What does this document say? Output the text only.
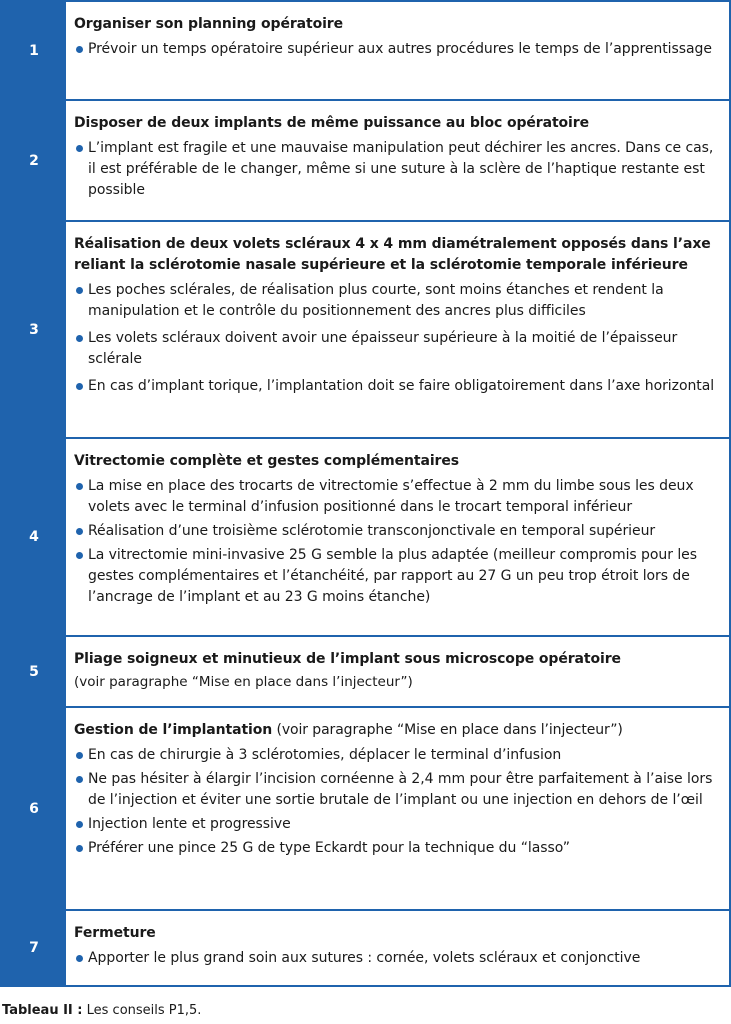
1
Organiser son planning opératoire
Prévoir un temps opératoire supérieur aux autres procédures le temps de l’apprentissage
2
Disposer de deux implants de même puissance au bloc opératoire
L’implant est fragile et une mauvaise manipulation peut déchirer les ancres. Dans ce cas, il est préférable de le changer, même si une suture à la sclère de l’haptique restante est possible
3
Réalisation de deux volets scléraux 4 x 4 mm diamétralement opposés dans l’axe reliant la sclérotomie nasale supérieure et la sclérotomie temporale inférieure
Les poches sclérales, de réalisation plus courte, sont moins étanches et rendent la manipulation et le contrôle du positionnement des ancres plus difficiles
Les volets scléraux doivent avoir une épaisseur supérieure à la moitié de l’épaisseur sclérale
En cas d’implant torique, l’implantation doit se faire obligatoirement dans l’axe horizontal
4
Vitrectomie complète et gestes complémentaires
La mise en place des trocarts de vitrectomie s’effectue à 2 mm du limbe sous les deux volets avec le terminal d’infusion positionné dans le trocart temporal inférieur
Réalisation d’une troisième sclérotomie transconjonctivale en temporal supérieur
La vitrectomie mini-invasive 25 G semble la plus adaptée (meilleur compromis pour les gestes complémentaires et l’étanchéité, par rapport au 27 G un peu trop étroit lors de l’ancrage de l’implant et au 23 G moins étanche)
5
Pliage soigneux et minutieux de l’implant sous microscope opératoire
(voir paragraphe “Mise en place dans l’injecteur”)
6
Gestion de l’implantation (voir paragraphe “Mise en place dans l’injecteur”)
En cas de chirurgie à 3 sclérotomies, déplacer le terminal d’infusion
Ne pas hésiter à élargir l’incision cornéenne à 2,4 mm pour être parfaitement à l’aise lors de l’injection et éviter une sortie brutale de l’implant ou une injection en dehors de l’œil
Injection lente et progressive
Préférer une pince 25 G de type Eckardt pour la technique du “lasso”
7
Fermeture
Apporter le plus grand soin aux sutures : cornée, volets scléraux et conjonctive
Tableau II : Les conseils P1,5.
